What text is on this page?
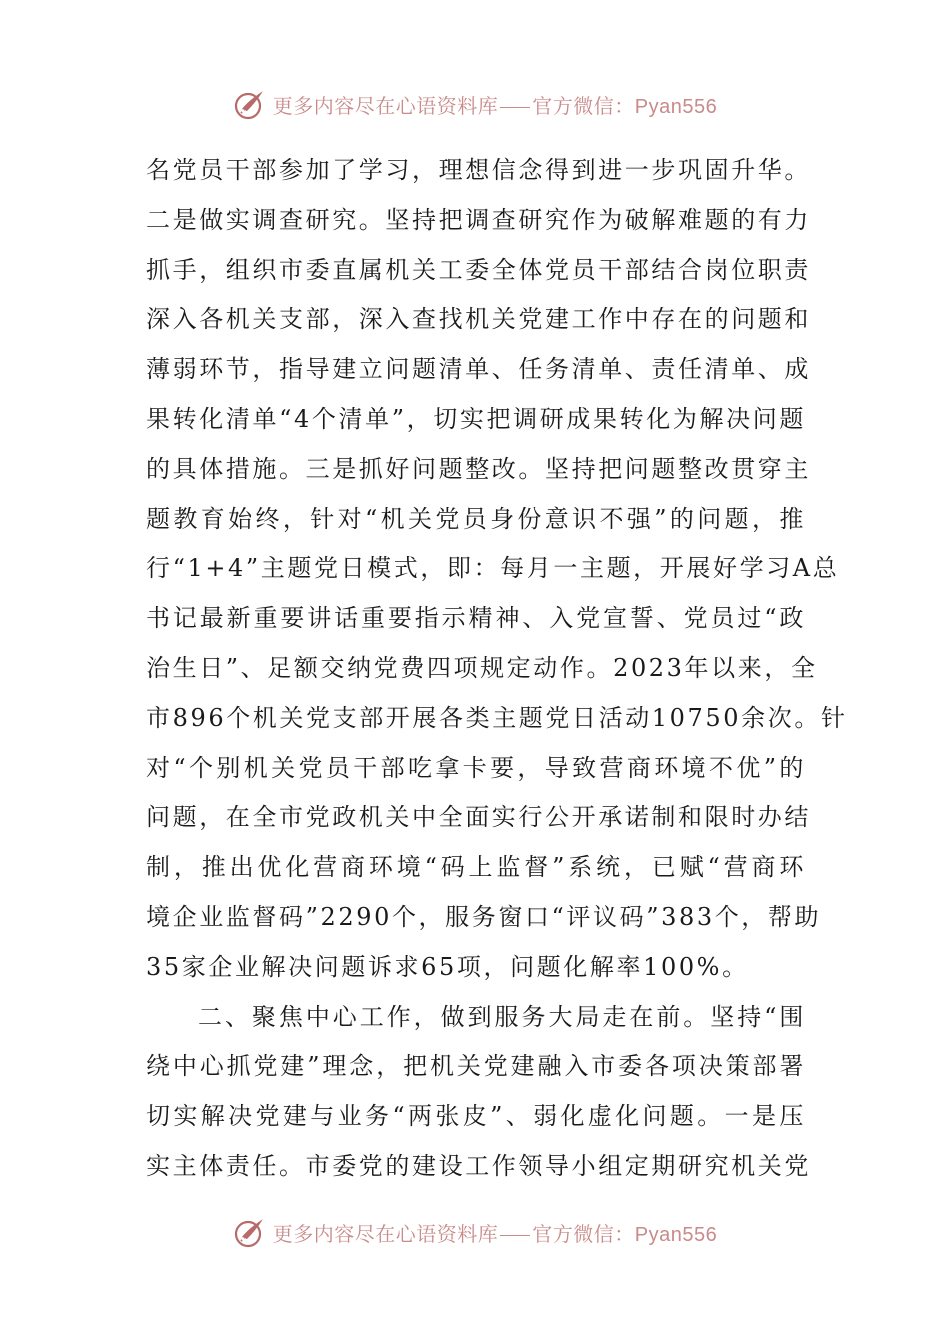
更多内容尽在心语资料库 官方微信：Pyan556

名党员干部参加了学习，理想信念得到进一步巩固升华。
二是做实调查研究。坚持把调查研究作为破解难题的有力
抓手，组织市委直属机关工委全体党员干部结合岗位职责
深入各机关支部，深入查找机关党建工作中存在的问题和
薄弱环节，指导建立问题清单、任务清单、责任清单、成
果转化清单“4个清单”，切实把调研成果转化为解决问题
的具体措施。三是抓好问题整改。坚持把问题整改贯穿主
题教育始终，针对“机关党员身份意识不强”的问题，推
行“1+4”主题党日模式，即：每月一主题，开展好学习A总
书记最新重要讲话重要指示精神、入党宣誓、党员过“政
治生日”、足额交纳党费四项规定动作。2023年以来，全
市896个机关党支部开展各类主题党日活动10750余次。针
对“个别机关党员干部吃拿卡要，导致营商环境不优”的
问题，在全市党政机关中全面实行公开承诺制和限时办结
制，推出优化营商环境“码上监督”系统，已赋“营商环
境企业监督码”2290个，服务窗口“评议码”383个，帮助
35家企业解决问题诉求65项，问题化解率100%。

二、聚焦中心工作，做到服务大局走在前。坚持“围
绕中心抓党建”理念，把机关党建融入市委各项决策部署
切实解决党建与业务“两张皮”、弱化虚化问题。一是压
实主体责任。市委党的建设工作领导小组定期研究机关党

更多内容尽在心语资料库 官方微信：Pyan556
